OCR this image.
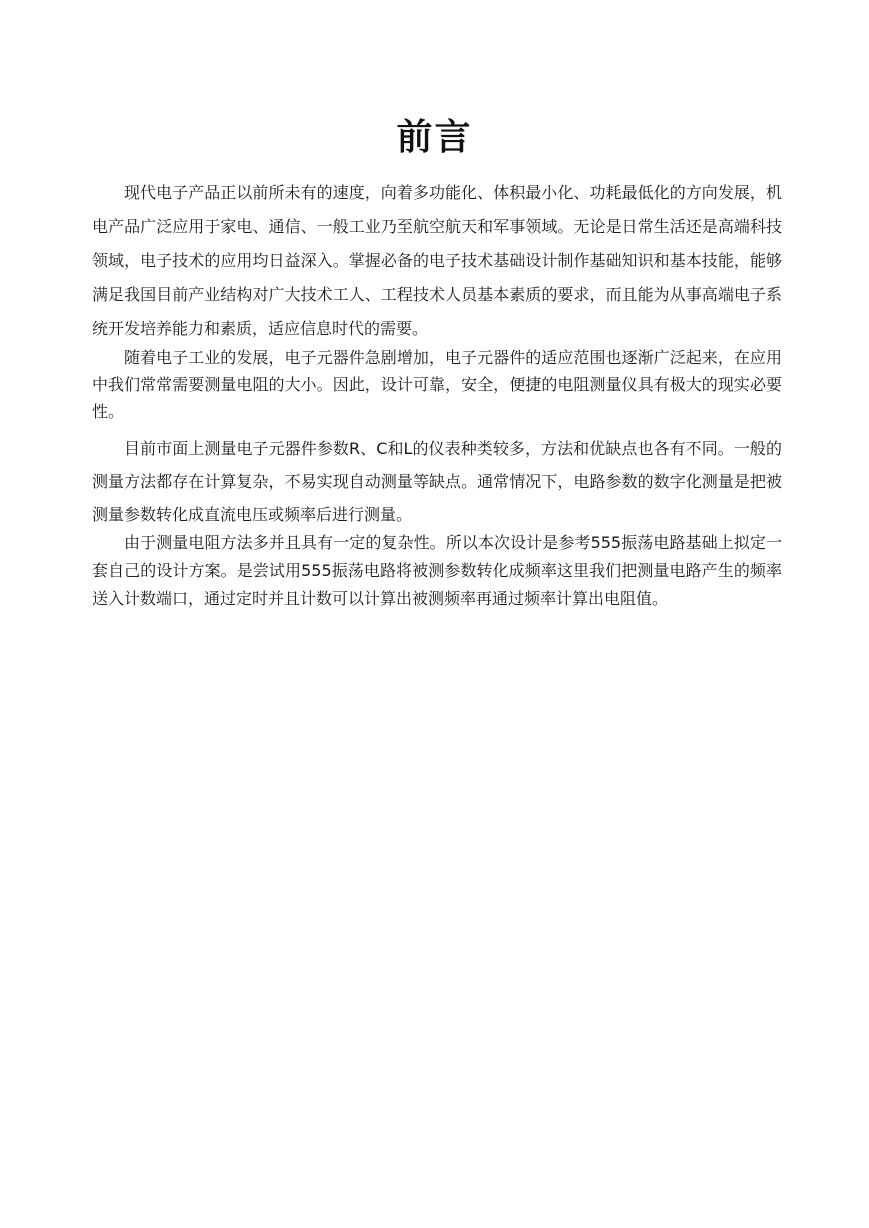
前言

现代电子产品正以前所未有的速度，向着多功能化、体积最小化、功耗最低化的方向发展，机电产品广泛应用于家电、通信、一般工业乃至航空航天和军事领域。无论是日常生活还是高端科技领域，电子技术的应用均日益深入。掌握必备的电子技术基础设计制作基础知识和基本技能，能够满足我国目前产业结构对广大技术工人、工程技术人员基本素质的要求，而且能为从事高端电子系统开发培养能力和素质，适应信息时代的需要。

随着电子工业的发展，电子元器件急剧增加，电子元器件的适应范围也逐渐广泛起来，在应用中我们常常需要测量电阻的大小。因此，设计可靠，安全，便捷的电阻测量仪具有极大的现实必要性。

目前市面上测量电子元器件参数R、C和L的仪表种类较多，方法和优缺点也各有不同。一般的测量方法都存在计算复杂，不易实现自动测量等缺点。通常情况下，电路参数的数字化测量是把被测量参数转化成直流电压或频率后进行测量。

由于测量电阻方法多并且具有一定的复杂性。所以本次设计是参考555振荡电路基础上拟定一套自己的设计方案。是尝试用555振荡电路将被测参数转化成频率这里我们把测量电路产生的频率送入计数端口，通过定时并且计数可以计算出被测频率再通过频率计算出电阻值。
